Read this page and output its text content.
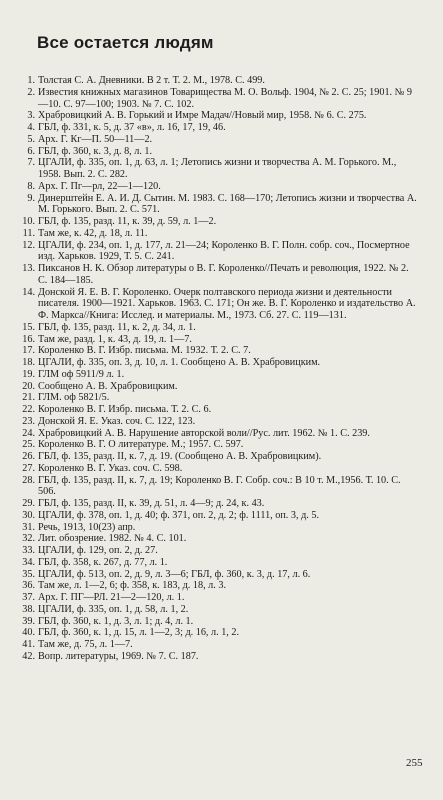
Все остается людям
1. Толстая С. А. Дневники. В 2 т. Т. 2. М., 1978. С. 499.
2. Известия книжных магазинов Товарищества М. О. Вольф. 1904, № 2. С. 25; 1901. № 9—10. С. 97—100; 1903. № 7. С. 102.
3. Храбровицкий А. В. Горький и Имре Мадач//Новый мир, 1958. № 6. С. 275.
4. ГБЛ, ф. 331, к. 5, д. 37 «в», л. 16, 17, 19, 46.
5. Арх. Г. Кг—П. 50—11—2.
6. ГБЛ, ф. 360, к. 3, д. 8, л. 1.
7. ЦГАЛИ, ф. 335, оп. 1, д. 63, л. 1; Летопись жизни и творчества А. М. Горького. М., 1958. Вып. 2. С. 282.
8. Арх. Г. Пг—рл, 22—1—120.
9. Динерштейн Е. А. И. Д. Сытин. М. 1983. С. 168—170; Летопись жизни и творчества А. М. Горького. Вып. 2. С. 571.
10. ГБЛ, ф. 135, разд. 11, к. 39, д. 59, л. 1—2.
11. Там же, к. 42, д. 18, л. 11.
12. ЦГАЛИ, ф. 234, оп. 1, д. 177, л. 21—24; Короленко В. Г. Полн. собр. соч., Посмертное изд. Харьков. 1929, Т. 5. С. 241.
13. Пиксанов Н. К. Обзор литературы о В. Г. Короленко//Печать и революция, 1922. № 2. С. 184—185.
14. Донской Я. Е. В. Г. Короленко. Очерк полтавского периода жизни и деятельности писателя. 1900—1921. Харьков. 1963. С. 171; Он же. В. Г. Короленко и издательство А. Ф. Маркса//Книга: Исслед. и материалы. М., 1973. Сб. 27. С. 119—131.
15. ГБЛ, ф. 135, разд. 11, к. 2, д. 34, л. 1.
16. Там же, разд. 1, к. 43, д. 19, л. 1—7.
17. Короленко В. Г. Избр. письма. М. 1932. Т. 2. С. 7.
18. ЦГАЛИ, ф. 335, оп. 3, д. 10, л. 1. Сообщено А. В. Храбровицким.
19. ГЛМ оф 5911/9 л. 1.
20. Сообщено А. В. Храбровицким.
21. ГЛМ. оф 5821/5.
22. Короленко В. Г. Избр. письма. Т. 2. С. 6.
23. Донской Я. Е. Указ. соч. С. 122, 123.
24. Храбровицкий А. В. Нарушение авторской воли//Рус. лит. 1962. № 1. С. 239.
25. Короленко В. Г. О литературе. М.; 1957. С. 597.
26. ГБЛ, ф. 135, разд. II, к. 7, д. 19. (Сообщено А. В. Храбровицким).
27. Короленко В. Г. Указ. соч. С. 598.
28. ГБЛ, ф. 135, разд. II, к. 7, д. 19; Короленко В. Г. Собр. соч.: В 10 т. М.,1956. Т. 10. С. 506.
29. ГБЛ, ф. 135, разд. II, к. 39, д. 51, л. 4—9; д. 24, к. 43.
30. ЦГАЛИ, ф. 378, оп. 1, д. 40; ф. 371, оп. 2, д. 2; ф. 1111, оп. 3, д. 5.
31. Речь, 1913, 10(23) апр.
32. Лит. обозрение. 1982. № 4. С. 101.
33. ЦГАЛИ, ф. 129, оп. 2, д. 27.
34. ГБЛ, ф. 358, к. 267, д. 77, л. 1.
35. ЦГАЛИ, ф. 513, оп. 2, д. 9, л. 3—6; ГБЛ, ф. 360, к. 3, д. 17, л. 6.
36. Там же, л. 1—2, 6; ф. 358, к. 183, д. 18, л. 3.
37. Арх. Г. ПГ—РЛ. 21—2—120, л. 1.
38. ЦГАЛИ, ф. 335, оп. 1, д. 58, л. 1, 2.
39. ГБЛ, ф. 360, к. 1, д. 3, л. 1; д. 4, л. 1.
40. ГБЛ, ф. 360, к. 1, д. 15, л. 1—2, 3; д. 16, л. 1, 2.
41. Там же, д. 75, л. 1—7.
42. Вопр. литературы, 1969. № 7. С. 187.
255
